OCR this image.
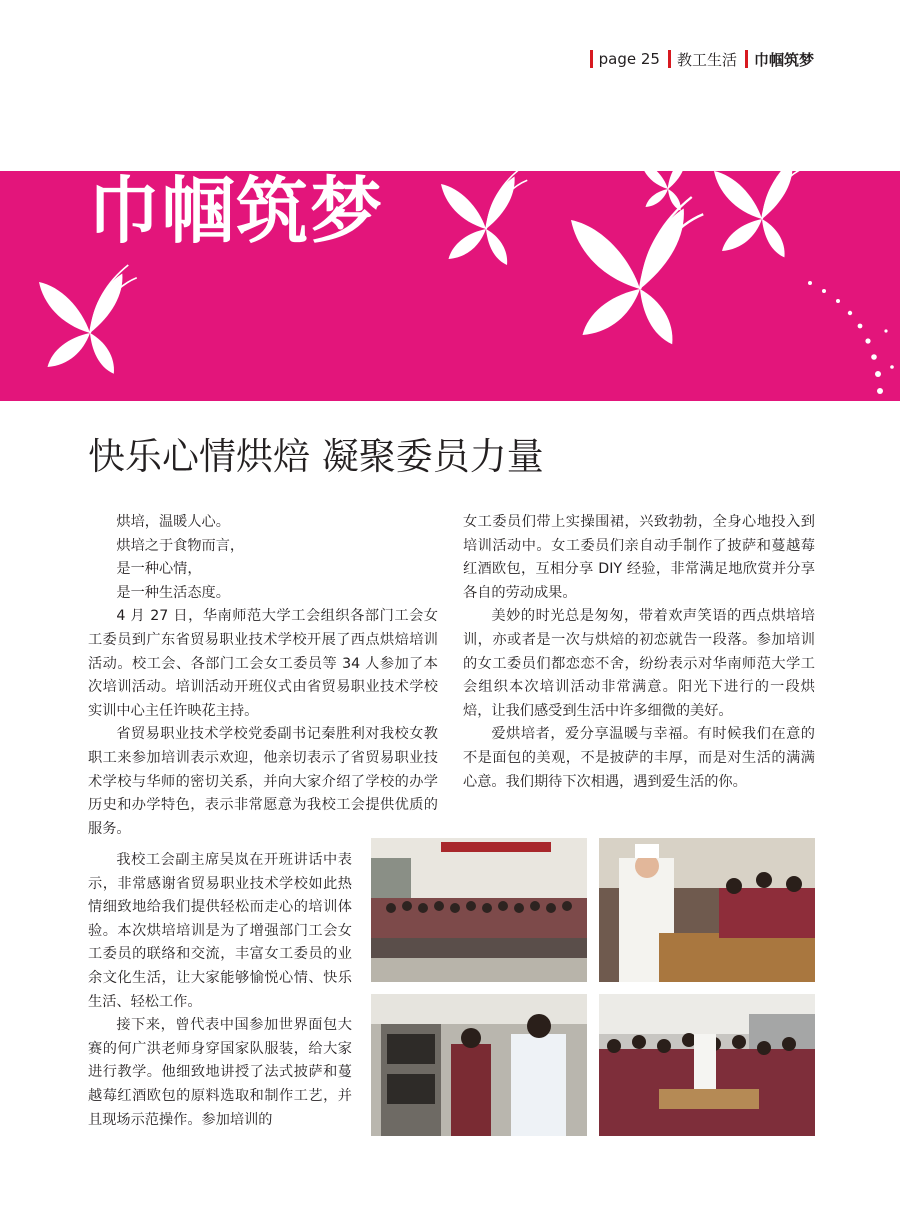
page 25 教工生活 巾帼筑梦
巾帼筑梦
快乐心情烘焙 凝聚委员力量

烘培，温暖人心。

烘培之于食物而言，

是一种心情，

是一种生活态度。

4 月 27 日，华南师范大学工会组织各部门工会女工委员到广东省贸易职业技术学校开展了西点烘焙培训活动。校工会、各部门工会女工委员等 34 人参加了本次培训活动。培训活动开班仪式由省贸易职业技术学校实训中心主任许映花主持。

省贸易职业技术学校党委副书记秦胜利对我校女教职工来参加培训表示欢迎，他亲切表示了省贸易职业技术学校与华师的密切关系，并向大家介绍了学校的办学历史和办学特色，表示非常愿意为我校工会提供优质的服务。

我校工会副主席吴岚在开班讲话中表示，非常感谢省贸易职业技术学校如此热情细致地给我们提供轻松而走心的培训体验。本次烘培培训是为了增强部门工会女工委员的联络和交流，丰富女工委员的业余文化生活，让大家能够愉悦心情、快乐生活、轻松工作。

接下来，曾代表中国参加世界面包大赛的何广洪老师身穿国家队服装，给大家进行教学。他细致地讲授了法式披萨和蔓越莓红酒欧包的原料选取和制作工艺，并且现场示范操作。参加培训的

女工委员们带上实操围裙，兴致勃勃，全身心地投入到培训活动中。女工委员们亲自动手制作了披萨和蔓越莓红酒欧包，互相分享 DIY 经验，非常满足地欣赏并分享各自的劳动成果。

美妙的时光总是匆匆，带着欢声笑语的西点烘培培训，亦或者是一次与烘焙的初恋就告一段落。参加培训的女工委员们都恋恋不舍，纷纷表示对华南师范大学工会组织本次培训活动非常满意。阳光下进行的一段烘焙，让我们感受到生活中许多细微的美好。

爱烘培者，爱分享温暖与幸福。有时候我们在意的不是面包的美观，不是披萨的丰厚，而是对生活的满满心意。我们期待下次相遇，遇到爱生活的你。
